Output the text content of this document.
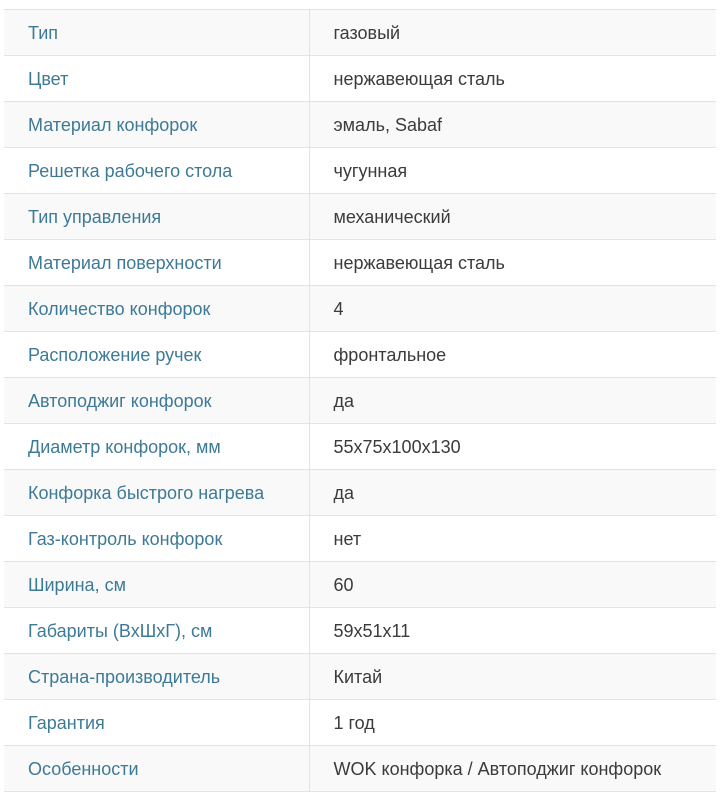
Тип	газовый
Цвет	нержавеющая сталь
Материал конфорок	эмаль, Sabaf
Решетка рабочего стола	чугунная
Тип управления	механический
Материал поверхности	нержавеющая сталь
Количество конфорок	4
Расположение ручек	фронтальное
Автоподжиг конфорок	да
Диаметр конфорок, мм	55x75x100x130
Конфорка быстрого нагрева	да
Газ-контроль конфорок	нет
Ширина, см	60
Габариты (ВхШхГ), см	59x51x11
Страна-производитель	Китай
Гарантия	1 год
Особенности	WOK конфорка / Автоподжиг конфорок
